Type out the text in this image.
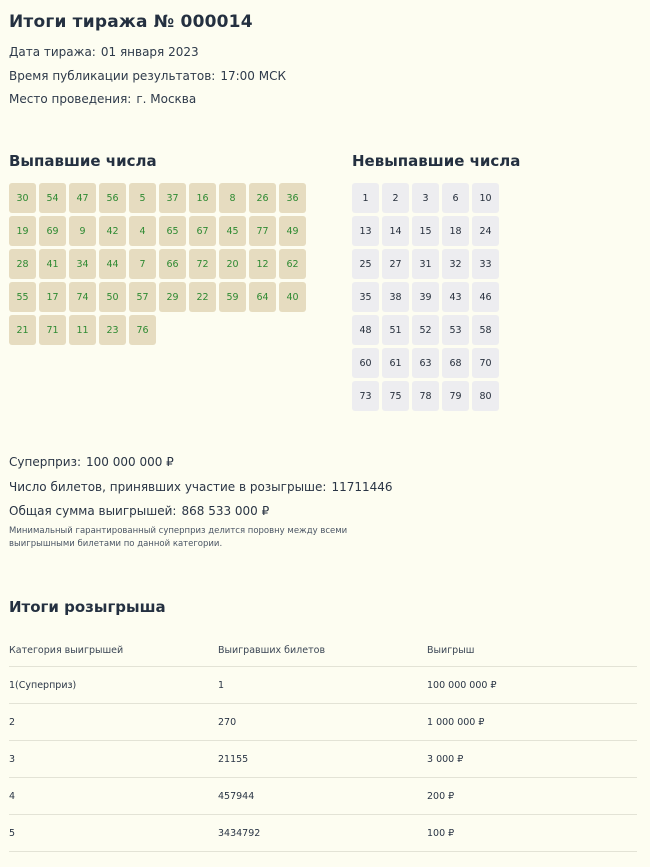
Итоги тиража № 000014
Дата тиража: 01 января 2023
Время публикации результатов: 17:00 МСК
Место проведения: г. Москва
Выпавшие числа	Невыпавшие числа
30	54	47	56	5	37	16	8	26	36
19	69	9	42	4	65	67	45	77	49
28	41	34	44	7	66	72	20	12	62
55	17	74	50	57	29	22	59	64	40
21	71	11	23	76
1	2	3	6	10
13	14	15	18	24
25	27	31	32	33
35	38	39	43	46
48	51	52	53	58
60	61	63	68	70
73	75	78	79	80
Суперприз: 100 000 000 ₽
Число билетов, принявших участие в розыгрыше: 11711446
Общая сумма выигрышей: 868 533 000 ₽
Минимальный гарантированный суперприз делится поровну между всеми выигрышными билетами по данной категории.
Итоги розыгрыша
Категория выигрышей	Выигравших билетов	Выигрыш
1(Суперприз)	1	100 000 000 ₽
2	270	1 000 000 ₽
3	21155	3 000 ₽
4	457944	200 ₽
5	3434792	100 ₽
